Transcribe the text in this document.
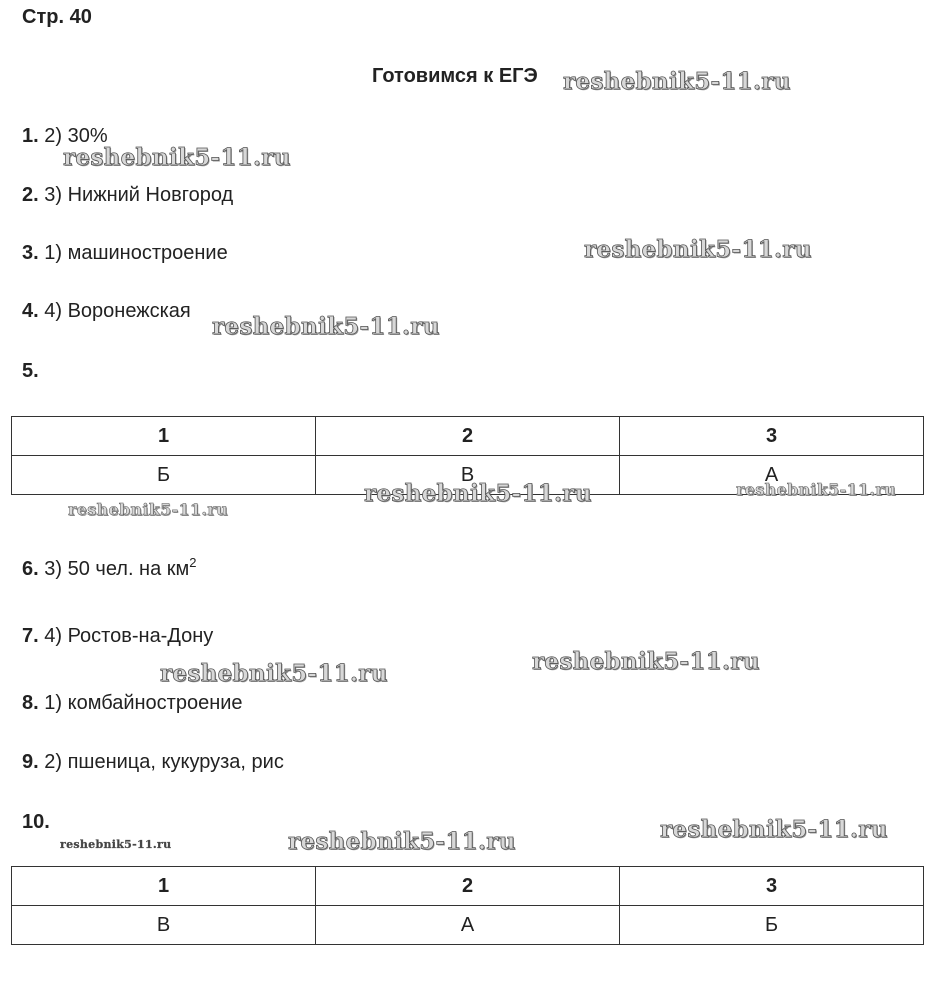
Стр. 40
Готовимся к ЕГЭ
1. 2) 30%
2. 3) Нижний Новгород
3. 1) машиностроение
4. 4) Воронежская
5.
1	2	3
Б	В	А
6. 3) 50 чел. на $км^2$
7. 4) Ростов-на-Дону
8. 1) комбайностроение
9. 2) пшеница, кукуруза, рис
10.
1	2	3
В	А	Б
reshebnik5-11.ru
reshebnik5-11.ru
reshebnik5-11.ru
reshebnik5-11.ru
reshebnik5-11.ru	reshebnik5-11.ru
reshebnik5-11.ru
reshebnik5-11.ru
reshebnik5-11.ru
reshebnik5-11.ru
reshebnik5-11.ru
reshebnik5-11.ru
